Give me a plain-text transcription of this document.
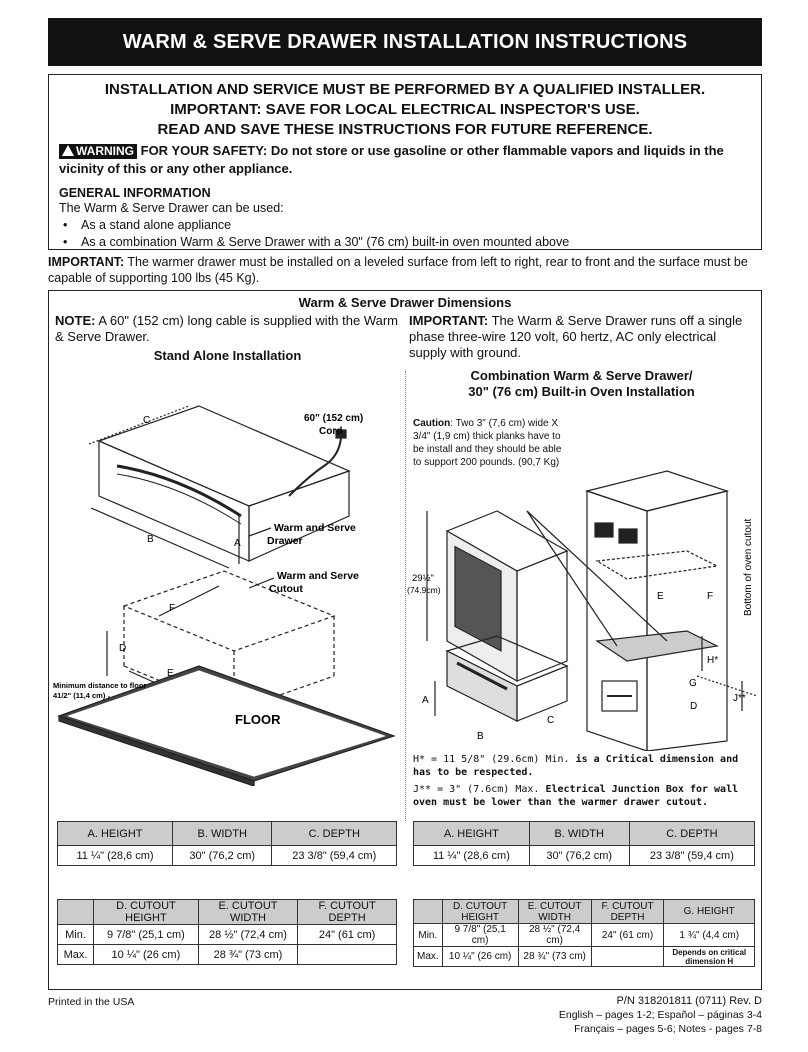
WARM & SERVE DRAWER INSTALLATION INSTRUCTIONS
INSTALLATION AND SERVICE MUST BE PERFORMED BY A QUALIFIED INSTALLER.
IMPORTANT: SAVE FOR LOCAL ELECTRICAL INSPECTOR'S USE.
READ AND SAVE THESE INSTRUCTIONS FOR FUTURE REFERENCE.
WARNING FOR YOUR SAFETY: Do not store or use gasoline or other flammable vapors and liquids in the vicinity of this or any other appliance.
GENERAL INFORMATION
The Warm & Serve Drawer can be used:
• As a stand alone appliance
• As a combination Warm & Serve Drawer with a 30" (76 cm) built-in oven mounted above
IMPORTANT: The warmer drawer must be installed on a leveled surface from left to right, rear to front and the surface must be capable of supporting 100 lbs (45 Kg).
Warm & Serve Drawer Dimensions
NOTE: A 60" (152 cm) long cable is supplied with the Warm & Serve Drawer.
IMPORTANT: The Warm & Serve Drawer runs off a single phase three-wire 120 volt, 60 hertz, AC only electrical supply with ground.
Stand Alone Installation
Combination Warm & Serve Drawer/
30" (76 cm) Built-in Oven Installation
C
B	A
60" (152 cm)
Cord
Warm and Serve
Drawer
Warm and Serve
Cutout
F
D
E
Minimum distance to floor
41/2" (11,4 cm)
FLOOR
Caution: Two 3" (7,6 cm) wide X 3/4" (1,9 cm) thick planks have to be install and they should be able to support 200 pounds. (90,7 Kg)
29½"
(74.9cm)
A
B
C
E	F
H*
G
D
J**
Bottom of oven cutout
H* = 11 5/8" (29.6cm) Min. is a Critical dimension and has to be respected.
J** = 3" (7.6cm) Max. Electrical Junction Box for wall oven must be lower than the warmer drawer cutout.
A. HEIGHT	B. WIDTH	C. DEPTH
11 ¼" (28,6 cm)	30" (76,2 cm)	23 3/8" (59,4 cm)
	D. CUTOUT HEIGHT	E. CUTOUT WIDTH	F. CUTOUT DEPTH
Min.	9 7/8" (25,1 cm)	28 ½" (72,4 cm)	24" (61 cm)
Max.	10 ¼" (26 cm)	28 ¾" (73 cm)	
A. HEIGHT	B. WIDTH	C. DEPTH
11 ¼" (28,6 cm)	30" (76,2 cm)	23 3/8" (59,4 cm)
	D. CUTOUT HEIGHT	E. CUTOUT WIDTH	F. CUTOUT DEPTH	G. HEIGHT
Min.	9 7/8" (25,1 cm)	28 ½" (72,4 cm)	24" (61 cm)	1 ¾" (4,4 cm)
Max.	10 ¼" (26 cm)	28 ¾" (73 cm)		Depends on critical dimension H
Printed in the USA	P/N 318201811 (0711) Rev. D
English – pages 1-2; Español – páginas 3-4
Français – pages 5-6; Notes - pages 7-8
